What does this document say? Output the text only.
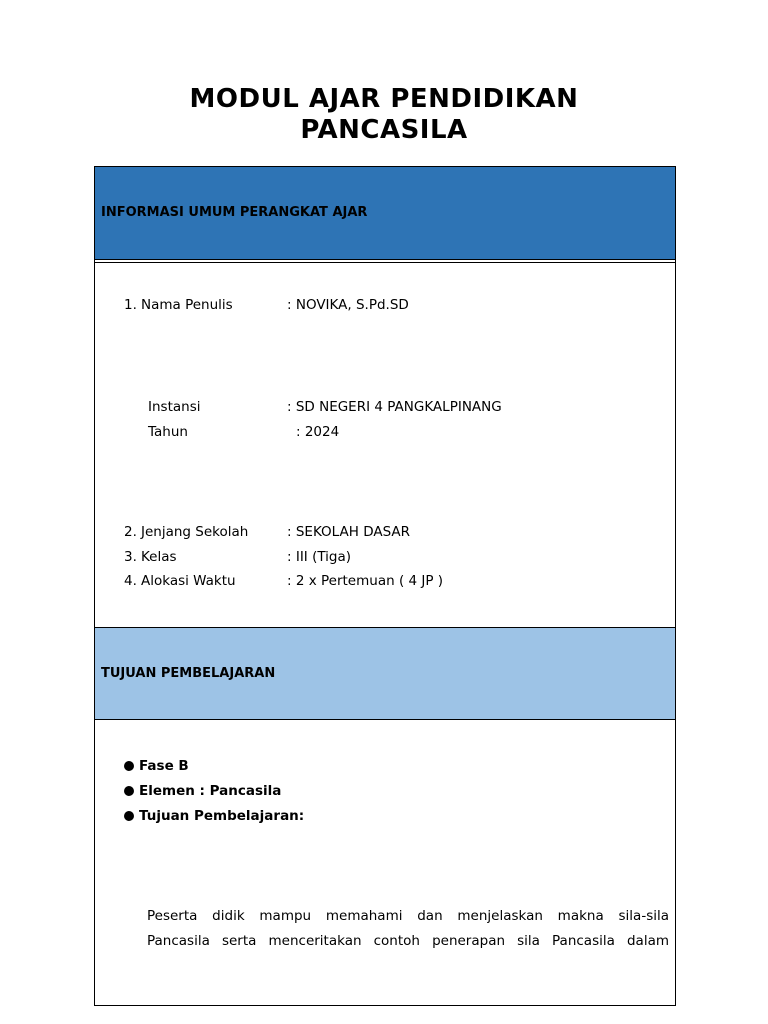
MODUL AJAR PENDIDIKAN
PANCASILA
INFORMASI UMUM PERANGKAT AJAR
1. Nama Penulis	: NOVIKA, S.Pd.SD
Instansi	: SD NEGERI 4 PANGKALPINANG
Tahun	: 2024
2. Jenjang Sekolah	: SEKOLAH DASAR
3. Kelas	: III (Tiga)
4. Alokasi Waktu	: 2 x Pertemuan ( 4 JP )
TUJUAN PEMBELAJARAN
Fase B
Elemen : Pancasila
Tujuan Pembelajaran:
Peserta didik mampu memahami dan menjelaskan makna sila-sila
Pancasila serta menceritakan contoh penerapan sila Pancasila dalam
